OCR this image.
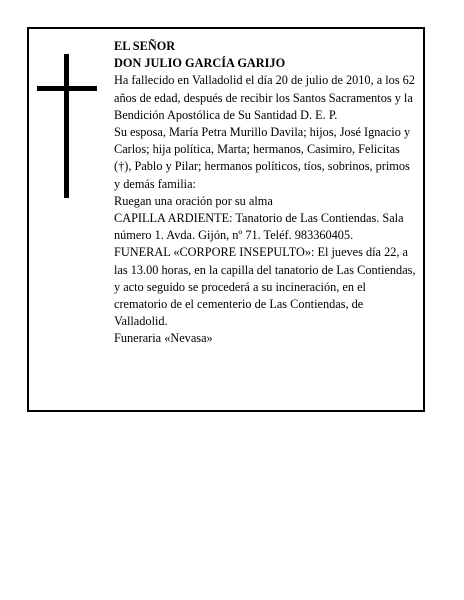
EL SEÑOR

DON JULIO GARCÍA GARIJO

Ha fallecido en Valladolid el día 20 de julio de 2010, a los 62 años de edad, después de recibir los Santos Sacramentos y la Bendición Apostólica de Su Santidad D. E. P.

Su esposa, María Petra Murillo Davila; hijos, José Ignacio y Carlos; hija política, Marta; hermanos, Casimiro, Felicitas (†), Pablo y Pilar; hermanos políticos, tíos, sobrinos, primos y demás familia:

Ruegan una oración por su alma

CAPILLA ARDIENTE: Tanatorio de Las Contiendas. Sala número 1. Avda. Gijón, nº 71. Teléf. 983360405.

FUNERAL «CORPORE INSEPULTO»: El jueves día 22, a las 13.00 horas, en la capilla del tanatorio de Las Contiendas, y acto seguido se procederá a su incineración, en el crematorio de el cementerio de Las Contiendas, de Valladolid.

Funeraria «Nevasa»
